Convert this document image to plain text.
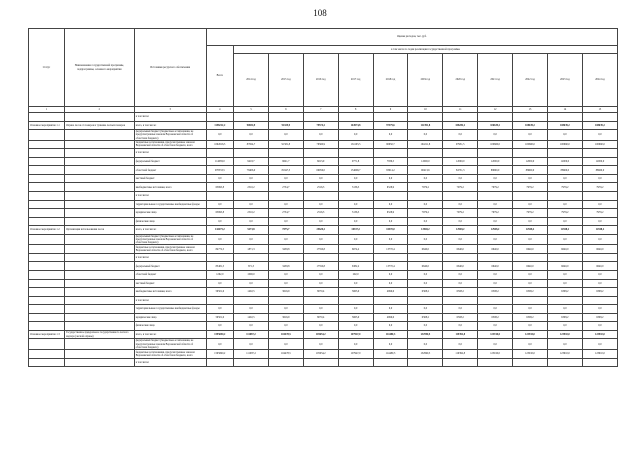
108
Статус	Наименование государственной программы, подпрограммы, основного мероприятия	Источники ресурсного обеспечения	Оценка расходов, тыс. руб.											
			Всего	в том числе по годам реализации государственной программы										
				2014 год	2015 год	2016 год	2017 год	2018 год	2019 год	2020 год	2021 год	2022 год	2023 год	2024 год
1	2	3	4	5	6	7	8	9	10	11	12	13	14	15
		в том числе:												
Основное мероприятие 1.1	Охрана лесов от пожаров и тушение лесных пожаров	всего, в том числе:	1158212,2	90834,9	94335,9	79574,2	164974,8	97379,6	112391,8	108282,2	106639,2	108639,2	108639,2	108639,2
		федеральный бюджет (бюджетные ассигнования, не предусмотренные законом Воронежской области об областном бюджете)	0,0	0,0	0,0	0,0	0,0	0,0	0,0	0,0	0,0	0,0	0,0	0,0
		бюджетные ассигнования, предусмотренные законом Воронежской области об областном бюджете, всего	1092616,5	87824,7	91581,8	76560,9	161103,5	90650,7	104211,8	97931,5	100660,0	100660,0	100660,0	100660,0
		в том числе:												
		федеральный бюджет	114083,0	9418,7	9621,7	6613,9	9771,8	7836,5	12000,0	12000,0	12000,0	12000,0	12000,0	12000,0
		областной бюджет	978533,5	78406,0	81947,3	69956,0	154699,7	83014,2	90413,6	84751,3	88660,0	88660,0	88660,0	88660,0
		местный бюджет	0,0	0,0	0,0	0,0	0,0	0,0	0,0	0,0	0,0	0,0	0,0	0,0
		внебюджетные источники, всего	65695,8	2510,2	2754,7	2516,3	3136,5	6528,9	7979,2	7979,2	7979,2	7979,2	7979,2	7979,2
		в том числе:												
		территориальные государственные внебюджетные фонды	0,0	0,0	0,0	0,0	0,0	0,0	0,0	0,0	0,0	0,0	0,0	0,0
		юридические лица	65695,8	2510,2	2754,7	2516,3	3136,5	6528,9	7979,2	7979,2	7979,2	7979,2	7979,2	7979,2
		физические лица	0,0	0,0	0,0	0,0	0,0	0,0	0,0	0,0	0,0	0,0	0,0	0,0
Основное мероприятие 1.2	Организация использования лесов	всего, в том числе:	144275,2	5273,8	7075,7	25620,2	10337,2	10370,0	12948,2	12948,2	12948,2	12948,2	12948,2	12948,2
		федеральный бюджет (бюджетные ассигнования, не предусмотренные законом Воронежской области об областном бюджете)	0,0	0,0	0,0	0,0	0,0	0,0	0,0	0,0	0,0	0,0	0,0	0,0
		бюджетные ассигнования, предусмотренные законом Воронежской области об областном бюджете, всего	84772,5	1871,3	3458,8	17550,8	6674,2	13770,4	6640,0	6640,0	6640,0	6640,0	6640,0	6640,0
		в том числе:												
		федеральный бюджет	83481,5	871,3	3458,8	17550,8	6382,2	13770,4	6640,0	6640,0	6640,0	6640,0	6640,0	6640,0
		областной бюджет	1292,0	1000,0	0,0	0,0	292,0	0,0	0,0	0,0	0,0	0,0	0,0	0,0
		местный бюджет	0,0	0,0	0,0	0,0	0,0	0,0	0,0	0,0	0,0	0,0	0,0	0,0
		внебюджетные источники, всего	59501,6	1402,5	3616,9	8070,4	3663,0	4699,6	6308,2	6308,2	6308,2	6308,2	6308,2	6308,2
		в том числе:												
		территориальные государственные внебюджетные фонды	0,0	0,0	0,0	0,0	0,0	0,0	0,0	0,0	0,0	0,0	0,0	0,0
		юридические лица	59501,6	1402,5	3616,9	8070,4	3663,0	4699,6	6308,2	6308,2	6308,2	6308,2	6308,2	6308,2
		физические лица	0,0	0,0	0,0	0,0	0,0	0,0	0,0	0,0	0,0	0,0	0,0	0,0
Основное мероприятие 1.3	Государственное федеральное государственного лесного надзора (лесной охраны)	всего, в том числе:	1595690,2	111087,2	104478,5	105654,2	107947,0	114480,3	132990,5	119392,8	123910,0	123910,0	123910,0	123910,0
		федеральный бюджет (бюджетные ассигнования, не предусмотренные законом Воронежской области об областном бюджете)	0,0	0,0	0,0	0,0	0,0	0,0	0,0	0,0	0,0	0,0	0,0	0,0
		бюджетные ассигнования, предусмотренные законом Воронежской области об областном бюджете, всего	1595690,2	111087,2	104478,5	105654,2	107947,0	114480,3	132990,5	119392,8	123910,0	123910,0	123910,0	123910,0
		в том числе:												
